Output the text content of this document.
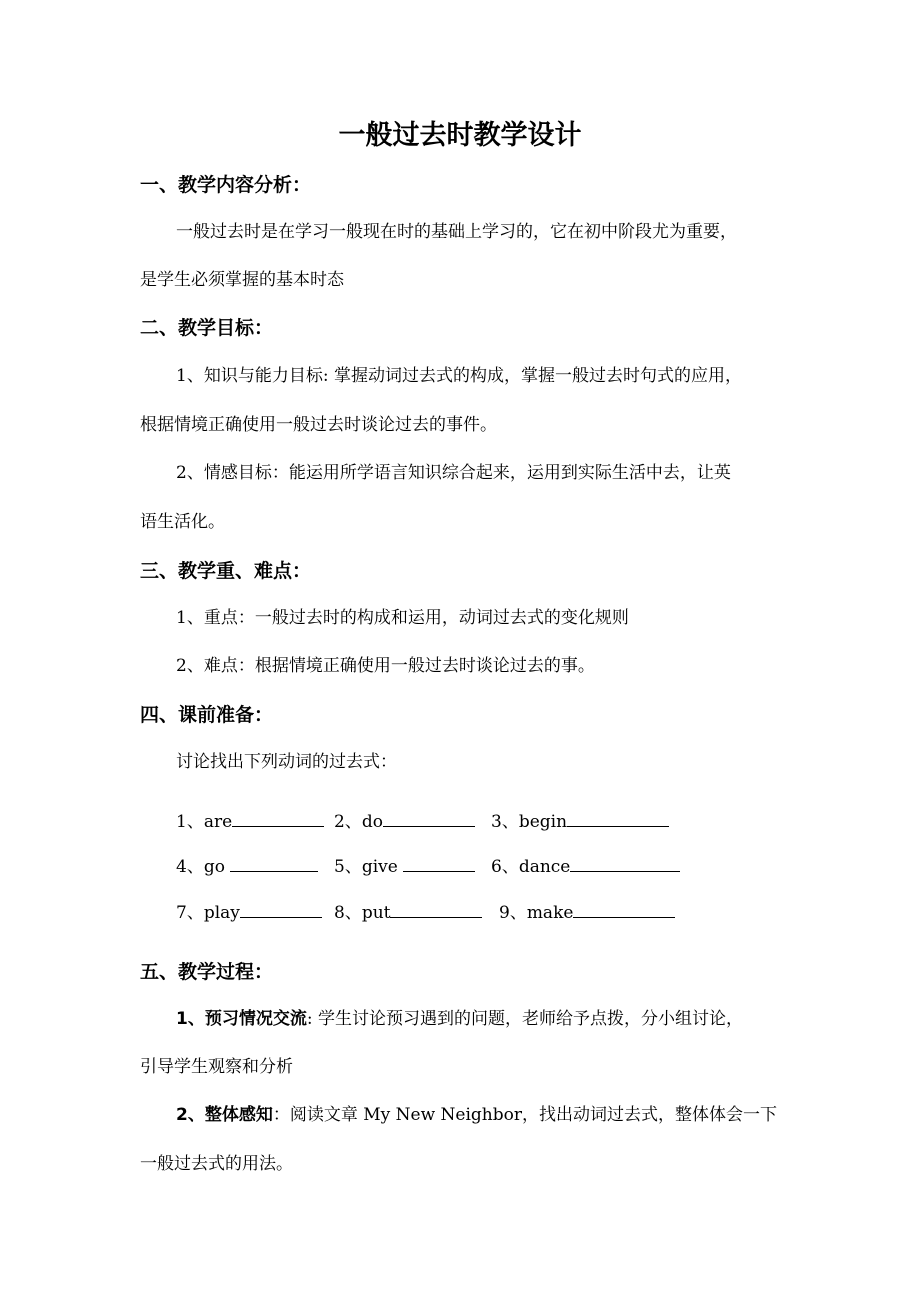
一般过去时教学设计
一、教学内容分析：
一般过去时是在学习一般现在时的基础上学习的，它在初中阶段尤为重要，
是学生必须掌握的基本时态
二、教学目标：
1、知识与能力目标: 掌握动词过去式的构成，掌握一般过去时句式的应用，
根据情境正确使用一般过去时谈论过去的事件。
2、情感目标：能运用所学语言知识综合起来，运用到实际生活中去，让英
语生活化。
三、教学重、难点：
1、重点：一般过去时的构成和运用，动词过去式的变化规则
2、难点：根据情境正确使用一般过去时谈论过去的事。
四、课前准备：
讨论找出下列动词的过去式：
1、are	2、do	3、begin
4、go	5、give	6、dance
7、play	8、put	9、make
五、教学过程：
1、预习情况交流: 学生讨论预习遇到的问题，老师给予点拨，分小组讨论，
引导学生观察和分析
2、整体感知：阅读文章 My New Neighbor，找出动词过去式，整体体会一下
一般过去式的用法。
